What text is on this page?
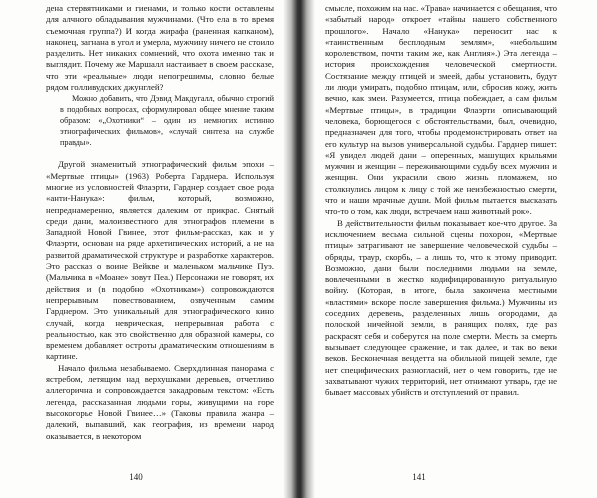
дена стервятниками и гиенами, и только кости оставлены для алчного обладывания мужчинами. (Что ела в то время съемочная группа?) И когда жирафа (раненная капканом), наконец, загнана в угол и умерла, мужчину ничего не стоило разделить. Нет никаких сомнений, что охота именно так и выглядит. Почему же Маршалл настаивает в своем рассказе, что эти «реальные» люди непогрешимы, словно белые рядом голливудских джунглей?

Можно добавить, что Дэвид Макдугалл, обычно строгий в подобных вопросах, сформулировал общее мнение таким образом: «„Охотники“ – один из немногих истинно этнографических фильмов», «случай синтеза на службе правды».

Другой знаменитый этнографический фильм эпохи – «Мертвые птицы» (1963) Роберта Гарднера. Используя многие из условностей Флаэрти, Гарднер создает свое рода «анти-Нанука»: фильм, который, возможно, непреднамеренно, является далеким от прикрас. Снятый среди дани, малоизвестного для этнографов племени в Западной Новой Гвинее, этот фильм-рассказ, как и у Флаэрти, основан на ряде архетипических историй, а не на развитой драматической структуре и разработке характеров. Это рассказ о воине Вейкве и маленьком мальчике Пуэ. (Мальчика в «Моане» зовут Пеа.) Персонажи не говорят, их действия и (в подобно «Охотникам») сопровождаются непрерывным повествованием, озвученным самим Гарднером. Это уникальный для этнографического кино случай, когда неврическая, непрерывная работа с реальностью, как это свойственно для образной камеры, со временем добавляет остроты драматическим отношениям в картине.

Начало фильма незабываемо. Сверхдлинная панорама с ястребом, летящим над верхушками деревьев, отчетливо аллегорична и сопровождается закадровым текстом: «Есть легенда, рассказанная людьми горы, живущими на горе высокогорье Новой Гвинее…» (Таковы правила жанра – далекий, выпавший, как география, из времени народ оказывается, в некотором

140

смысле, похожим на нас. «Трава» начинается с обещания, что «забытый народ» откроет «тайны нашего собственного прошлого». Начало «Нанука» переносит нас к «таинственным бесплодным землям», «небольшим королевством, почти таким же, как Англия».) Эта легенда – история происхождения человеческой смертности. Состязание между птицей и змеей, дабы установить, будут ли люди умирать, подобно птицам, или, сбросив кожу, жить вечно, как змеи. Разумеется, птица побеждает, а сам фильм «Мертвые птицы», в традиции Флаэрти описывающий человека, борющегося с обстоятельствами, был, очевидно, предназначен для того, чтобы продемонстрировать ответ на его культур на вызов универсальной судьбы. Гарднер пишет: «Я увидел людей дани – оперенных, машущих крыльями мужчин и женщин – переживающими судьбу всех мужчин и женщин. Они украсили свою жизнь пломажем, но столкнулись лицом к лицу с той же неизбежностью смерти, что и наши мрачные души. Мой фильм пытается высказать что-то о том, как люди, встречаем наш животный рок».

В действительности фильм показывает кое-что другое. За исключением весьма сильной сцены похорон, «Мертвые птицы» затрагивают не завершение человеческой судьбы – обряды, траур, скорбь, – а лишь то, что к этому приводит. Возможно, дани были последними людьми на земле, вовлеченными в жестко кодифицированную ритуальную войну. (Которая, в итоге, была закончена местными «властями» вскоре после завершения фильма.) Мужчины из соседних деревень, разделенных лишь огородами, да полоской ничейной земли, в ранящих полях, где раз раскрасят себя и соберутся на поле смерти. Месть за смерть вызывает следующее сражение, и так далее, и так во веки веков. Бесконечная вендетта на обильной пищей земле, где нет специфических разногласий, нет о чем говорить, где не захватывают чужих территорий, нет отнимают утварь, где не бывает массовых убийств и отступлений от правил.

141
